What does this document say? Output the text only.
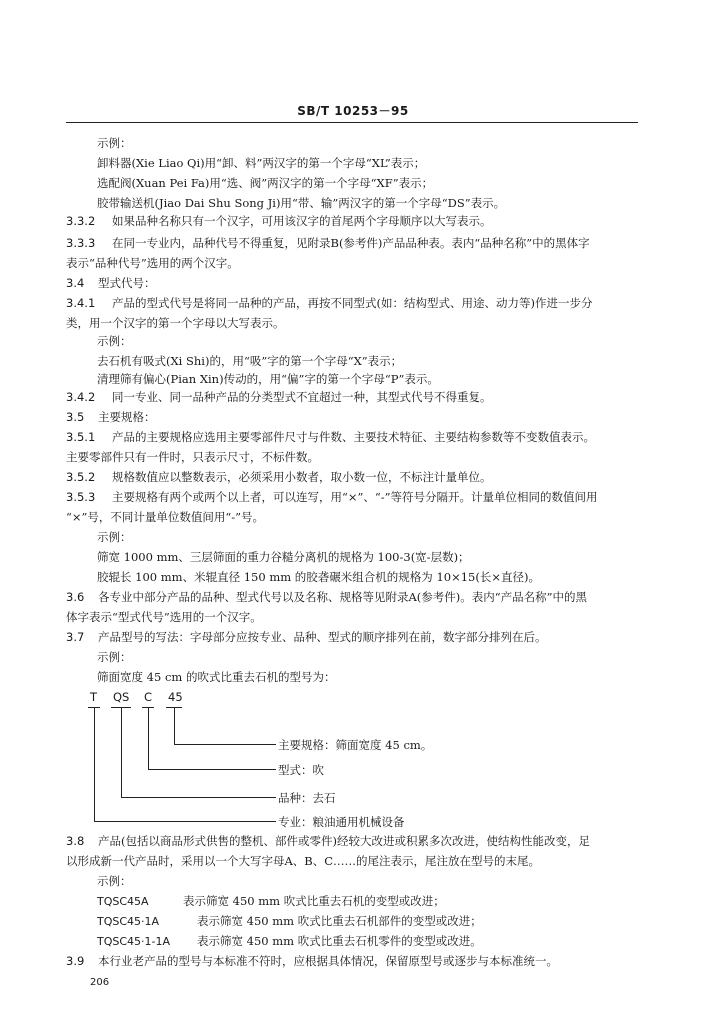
SB/T 10253－95
示例：
卸料器(Xie Liao Qi)用“卸、料”两汉字的第一个字母“XL”表示；
选配阀(Xuan Pei Fa)用“选、阀”两汉字的第一个字母“XF”表示；
胶带输送机(Jiao Dai Shu Song Ji)用“带、输”两汉字的第一个字母“DS”表示。
3.3.2 如果品种名称只有一个汉字，可用该汉字的首尾两个字母顺序以大写表示。
3.3.3 在同一专业内，品种代号不得重复，见附录B(参考件)产品品种表。表内“品种名称”中的黑体字
表示“品种代号”选用的两个汉字。
3.4 型式代号：
3.4.1 产品的型式代号是将同一品种的产品，再按不同型式(如：结构型式、用途、动力等)作进一步分
类，用一个汉字的第一个字母以大写表示。
示例：
去石机有吸式(Xi Shi)的，用“吸”字的第一个字母“X”表示；
清理筛有偏心(Pian Xin)传动的，用“偏”字的第一个字母“P”表示。
3.4.2 同一专业、同一品种产品的分类型式不宜超过一种，其型式代号不得重复。
3.5 主要规格：
3.5.1 产品的主要规格应选用主要零部件尺寸与件数、主要技术特征、主要结构参数等不变数值表示。
主要零部件只有一件时，只表示尺寸，不标件数。
3.5.2 规格数值应以整数表示，必须采用小数者，取小数一位，不标注计量单位。
3.5.3 主要规格有两个或两个以上者，可以连写，用“×”、“-”等符号分隔开。计量单位相同的数值间用
“×”号，不同计量单位数值间用“-”号。
示例：
筛宽 1000 mm、三层筛面的重力谷糙分离机的规格为 100-3(宽-层数)；
胶辊长 100 mm、米辊直径 150 mm 的胶砻碾米组合机的规格为 10×15(长×直径)。
3.6 各专业中部分产品的品种、型式代号以及名称、规格等见附录A(参考件)。表内“产品名称”中的黑
体字表示“型式代号”选用的一个汉字。
3.7 产品型号的写法：字母部分应按专业、品种、型式的顺序排列在前，数字部分排列在后。
示例：
筛面宽度 45 cm 的吹式比重去石机的型号为：
T QS C 45
主要规格：筛面宽度 45 cm。
型式：吹
品种：去石
专业：粮油通用机械设备
3.8 产品(包括以商品形式供售的整机、部件或零件)经较大改进或积累多次改进，使结构性能改变，足
以形成新一代产品时，采用以一个大写字母A、B、C……的尾注表示，尾注放在型号的末尾。
示例：
TQSC45A	表示筛宽 450 mm 吹式比重去石机的变型或改进；
TQSC45·1A	表示筛宽 450 mm 吹式比重去石机部件的变型或改进；
TQSC45·1-1A 表示筛宽 450 mm 吹式比重去石机零件的变型或改进。
3.9 本行业老产品的型号与本标准不符时，应根据具体情况，保留原型号或逐步与本标准统一。
206
